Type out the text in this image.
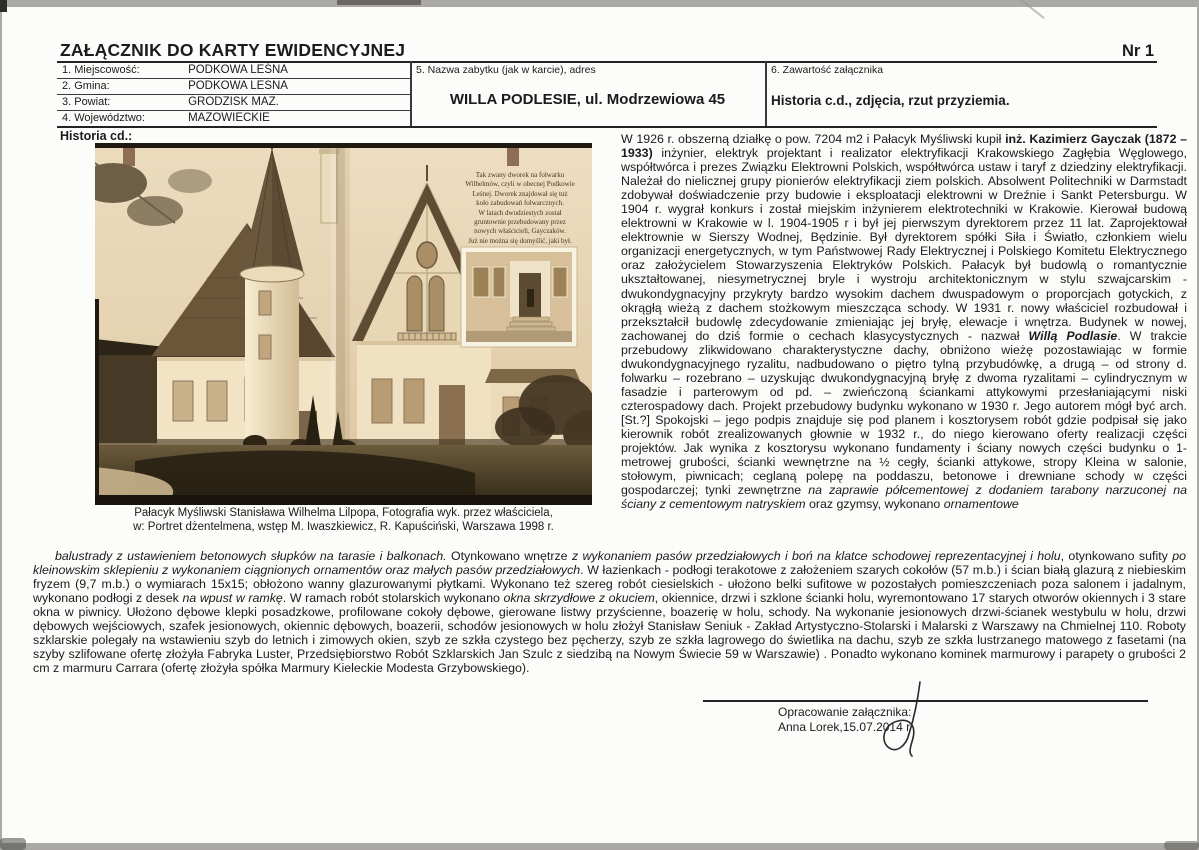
ZAŁĄCZNIK DO KARTY EWIDENCYJNEJ	Nr 1
1. Miejscowość:	PODKOWA LEŚNA
2. Gmina:	PODKOWA LESNA
3. Powiat:	GRODZISK MAZ.
4. Województwo:	MAZOWIECKIE
5. Nazwa zabytku (jak w karcie), adres
WILLA PODLESIE, ul. Modrzewiowa 45
6. Zawartość załącznika
Historia c.d., zdjęcia, rzut przyziemia.
Historia cd.:
Tak zwany dworek na folwarku
Wilhelmów, czyli w obecnej Podkowie
Leśnej. Dworek znajdował się tuż
koło zabudowań folwarcznych.
W latach dwudziestych został
gruntownie przebudowany przez
nowych właścicieli, Gayczaków.
Już nie można się domyślić, jaki był.
Pałacyk Myśliwski Stanisława Wilhelma Lilpopa, Fotografia wyk. przez właściciela,
w: Portret dżentelmena, wstęp M. Iwaszkiewicz, R. Kapuściński, Warszawa 1998 r.
W 1926 r. obszerną działkę o pow. 7204 m2 i Pałacyk Myśliwski kupił inż. Kazimierz Gayczak (1872 – 1933) inżynier, elektryk projektant i realizator elektryfikacji Krakowskiego Zagłębia Węglowego, współtwórca i prezes Związku Elektrowni Polskich, współtwórca ustaw i taryf z dziedziny elektryfikacji. Należał do nielicznej grupy pionierów elektryfikacji ziem polskich. Absolwent Politechniki w Darmstadt zdobywał doświadczenie przy budowie i eksploatacji elektrowni w Dreźnie i Sankt Petersburgu. W 1904 r. wygrał konkurs i został miejskim inżynierem elektrotechniki w Krakowie. Kierował budową elektrowni w Krakowie w l. 1904-1905 r i był jej pierwszym dyrektorem przez 11 lat. Zaprojektował elektrownie w Sierszy Wodnej, Będzinie. Był dyrektorem spółki Siła i Światło, członkiem wielu organizacji energetycznych, w tym Państwowej Rady Elektrycznej i Polskiego Komitetu Elektrycznego oraz założycielem Stowarzyszenia Elektryków Polskich. Pałacyk był budowlą o romantycznie ukształtowanej, niesymetrycznej bryle i wystroju architektonicznym w stylu szwajcarskim - dwukondygnacyjny przykryty bardzo wysokim dachem dwuspadowym o proporcjach gotyckich, z okrągłą wieżą z dachem stożkowym mieszcząca schody. W 1931 r. nowy właściciel rozbudował i przekształcił budowlę zdecydowanie zmieniając jej bryłę, elewacje i wnętrza. Budynek w nowej, zachowanej do dziś formie o cechach klasycystycznych - nazwał Willą Podlasie. W trakcie przebudowy zlikwidowano charakterystyczne dachy, obniżono wieżę pozostawiając w formie dwukondygnacyjnego ryzalitu, nadbudowano o piętro tylną przybudówkę, a drugą – od strony d. folwarku – rozebrano – uzyskując dwukondygnacyjną bryłę z dwoma ryzalitami – cylindrycznym w fasadzie i parterowym od pd. – zwieńczoną ściankami attykowymi przesłaniającymi niski czterospadowy dach. Projekt przebudowy budynku wykonano w 1930 r. Jego autorem mógł być arch. [St.?] Spokojski – jego podpis znajduje się pod planem i kosztorysem robót gdzie podpisał się jako kierownik robót zrealizowanych głownie w 1932 r., do niego kierowano oferty realizacji części projektów. Jak wynika z kosztorysu wykonano fundamenty i ściany nowych części budynku o 1-metrowej grubości, ścianki wewnętrzne na ½ cegły, ścianki attykowe, stropy Kleina w salonie, stołowym, piwnicach; ceglaną polepę na poddaszu, betonowe i drewniane schody w części gospodarczej; tynki zewnętrzne na zaprawie półcementowej z dodaniem tarabony narzuconej na ściany z cementowym natryskiem oraz gzymsy, wykonano ornamentowe
balustrady z ustawieniem betonowych słupków na tarasie i balkonach. Otynkowano wnętrze z wykonaniem pasów przedziałowych i boń na klatce schodowej reprezentacyjnej i holu, otynkowano sufity po kleinowskim sklepieniu z wykonaniem ciągnionych ornamentów oraz małych pasów przedziałowych. W łazienkach - podłogi terakotowe z założeniem szarych cokołów (57 m.b.) i ścian białą glazurą z niebieskim fryzem (9,7 m.b.) o wymiarach 15x15; obłożono wanny glazurowanymi płytkami. Wykonano też szereg robót ciesielskich - ułożono belki sufitowe w pozostałych pomieszczeniach poza salonem i jadalnym, wykonano podłogi z desek na wpust w ramkę. W ramach robót stolarskich wykonano okna skrzydłowe z okuciem, okiennice, drzwi i szklone ścianki holu, wyremontowano 17 starych otworów okiennych i 3 stare okna w piwnicy. Ułożono dębowe klepki posadzkowe, profilowane cokoły dębowe, gierowane listwy przyścienne, boazerię w holu, schody. Na wykonanie jesionowych drzwi-ścianek westybulu w holu, drzwi dębowych wejściowych, szafek jesionowych, okiennic dębowych, boazerii, schodów jesionowych w holu złożył Stanisław Seniuk - Zakład Artystyczno-Stolarski i Malarski z Warszawy na Chmielnej 110. Roboty szklarskie polegały na wstawieniu szyb do letnich i zimowych okien, szyb ze szkła czystego bez pęcherzy, szyb ze szkła lagrowego do świetlika na dachu, szyb ze szkła lustrzanego matowego z fasetami (na szyby szlifowane ofertę złożyła Fabryka Luster, Przedsiębiorstwo Robót Szklarskich Jan Szulc z siedzibą na Nowym Świecie 59 w Warszawie) . Ponadto wykonano kominek marmurowy i parapety o grubości 2 cm z marmuru Carrara (ofertę złożyła spółka Marmury Kieleckie Modesta Grzybowskiego).
Opracowanie załącznika:
Anna Lorek,15.07.2014 r
